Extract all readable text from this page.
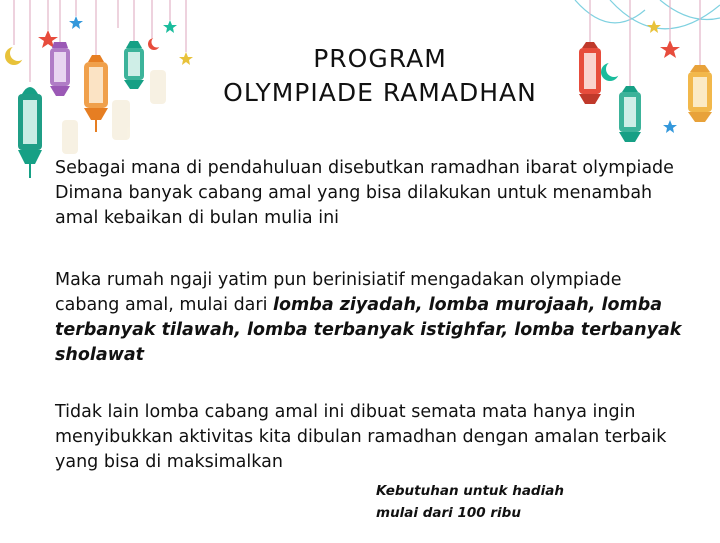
PROGRAM
OLYMPIADE RAMADHAN
Sebagai mana di pendahuluan disebutkan ramadhan ibarat olympiade
Dimana banyak cabang amal yang bisa dilakukan untuk menambah
amal kebaikan di bulan mulia ini
Maka rumah ngaji yatim pun berinisiatif mengadakan olympiade
cabang amal, mulai dari lomba ziyadah, lomba murojaah, lomba
terbanyak tilawah, lomba terbanyak istighfar, lomba terbanyak
sholawat
Tidak lain lomba cabang amal ini dibuat semata mata hanya ingin
menyibukkan aktivitas kita dibulan ramadhan dengan amalan terbaik
yang bisa di maksimalkan
Kebutuhan untuk hadiah
mulai dari 100 ribu
